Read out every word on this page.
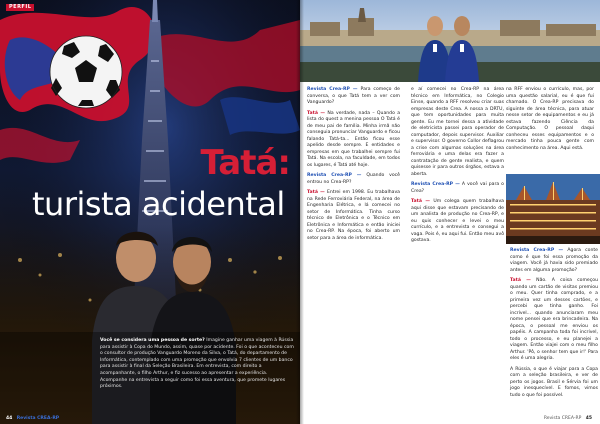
PERFIL
Tatá:
turista acidental
Você se considera uma pessoa de sorte? Imagine ganhar uma viagem à Rússia para assistir à Copa do Mundo, assim, quase por acidente. Foi o que aconteceu com o consultor de produção Vanguardo Moreno da Silva, o Tatá, do departamento de Informática, contemplado com uma promoção que envolvia 7 clientes de um banco para assistir à final da Seleção Brasileira. Em entrevista, com direito a acompanhante, o filho Arthur, e fiz sucesso ao apresentar a experiência. Acompanhe na entrevista a seguir como foi essa aventura, que promete lugares próximos.
44 Revista CREA-RP

Revista Crea-RP — Para começo de conversa, o que Tatá tem a ver com Vanguardo?

Tatá — Na verdade, nada – Quando a lista do quest a menina pessoa O Tatá é de meu pai de família. Minha irmã não conseguia pronunciar Vanguardo e ficou falando Tatá-ta... Então ficou esse apelido desde sempre. E entidades e empresas em que trabalhei sempre fui Tatá. Na escola, na faculdade, em todos os lugares, é Tatá até hoje.

Revista Crea-RP — Quando você entrou no Crea-RP?

Tatá — Entrei em 1998. Eu trabalhava na Rede Ferroviária Federal, na área de Engenharia Elétrica, e lá comecei no setor de Informática. Tinha curso técnico de Eletrônica e o Técnico em Eletrônica e Informática e então iniciei no Crea-RP. Na época, foi aberto um setor para a área de informática.

e aí comecei no Crea-RP na área técnico em Informática, no Colegio Einse, quando a RFF resolveu criar suas empresas deste Crea. A nossa a DRTU, que tem oportunidades para muita gente. Eu me tornei dessa a atividade de eletricista passei para operador de computador, depois supervisor. Auxiliar e supervisor. O governo Collor deflagrou a crise com algumas soluções na área ferroviária e uma delas era fazer a contratação de gente realista, e quem quisesse ir para outros órgãos, estava a aberta.

Revista Crea-RP — A você vai para o Crea?

Tatá — Um colega quem trabalhava aqui disse que estavam precisando de um analista de produção no Crea-RP, e eu quis conhecer e levei o meu currículo, e a entrevista e consegui a vaga. Pois é, eu aqui fui. Então meu avô gostava.

na RFF enviou o currículo, mas, por uma questão salarial, eu é que fui chamado. O Crea-RP precisava do siguinte de área técnica, para atuar nesse setor de equipamentos e eu já estava fazendo Ciência da Computação. O pessoal daqui conheceu esses equipamentos e o mercado tinha pouca gente com conhecimento na área. Aqui está.

Revista Crea-RP — Agora conte como é que foi essa promoção da viagem. Você já havia sido premiado antes em alguma promoção?

Tatá — Não. A coisa começou quando um cartão de visitas premiou o meu. Quer tinha comprado, e a primeira vez um desses cartões, e percebi que tinha ganho. Foi incrível... quando anunciaram meu nome pensei que era brincadeira. Na época, o pessoal me enviou os papéis. A campanha toda foi incrível, todo o processo, e eu planejei a viagem. Então viajei com o meu filho Arthur. 'Pô, o senhor tem que ir!' Para eles é uma alegria.

A Rússia, o que é viajar para a Copa com a seleção brasileira, e ver de perto os jogos. Brasil e Sérvia foi um jogo inesquecível. E fomos, vimos tudo o que foi possível.

Revista CREA-RP 45
